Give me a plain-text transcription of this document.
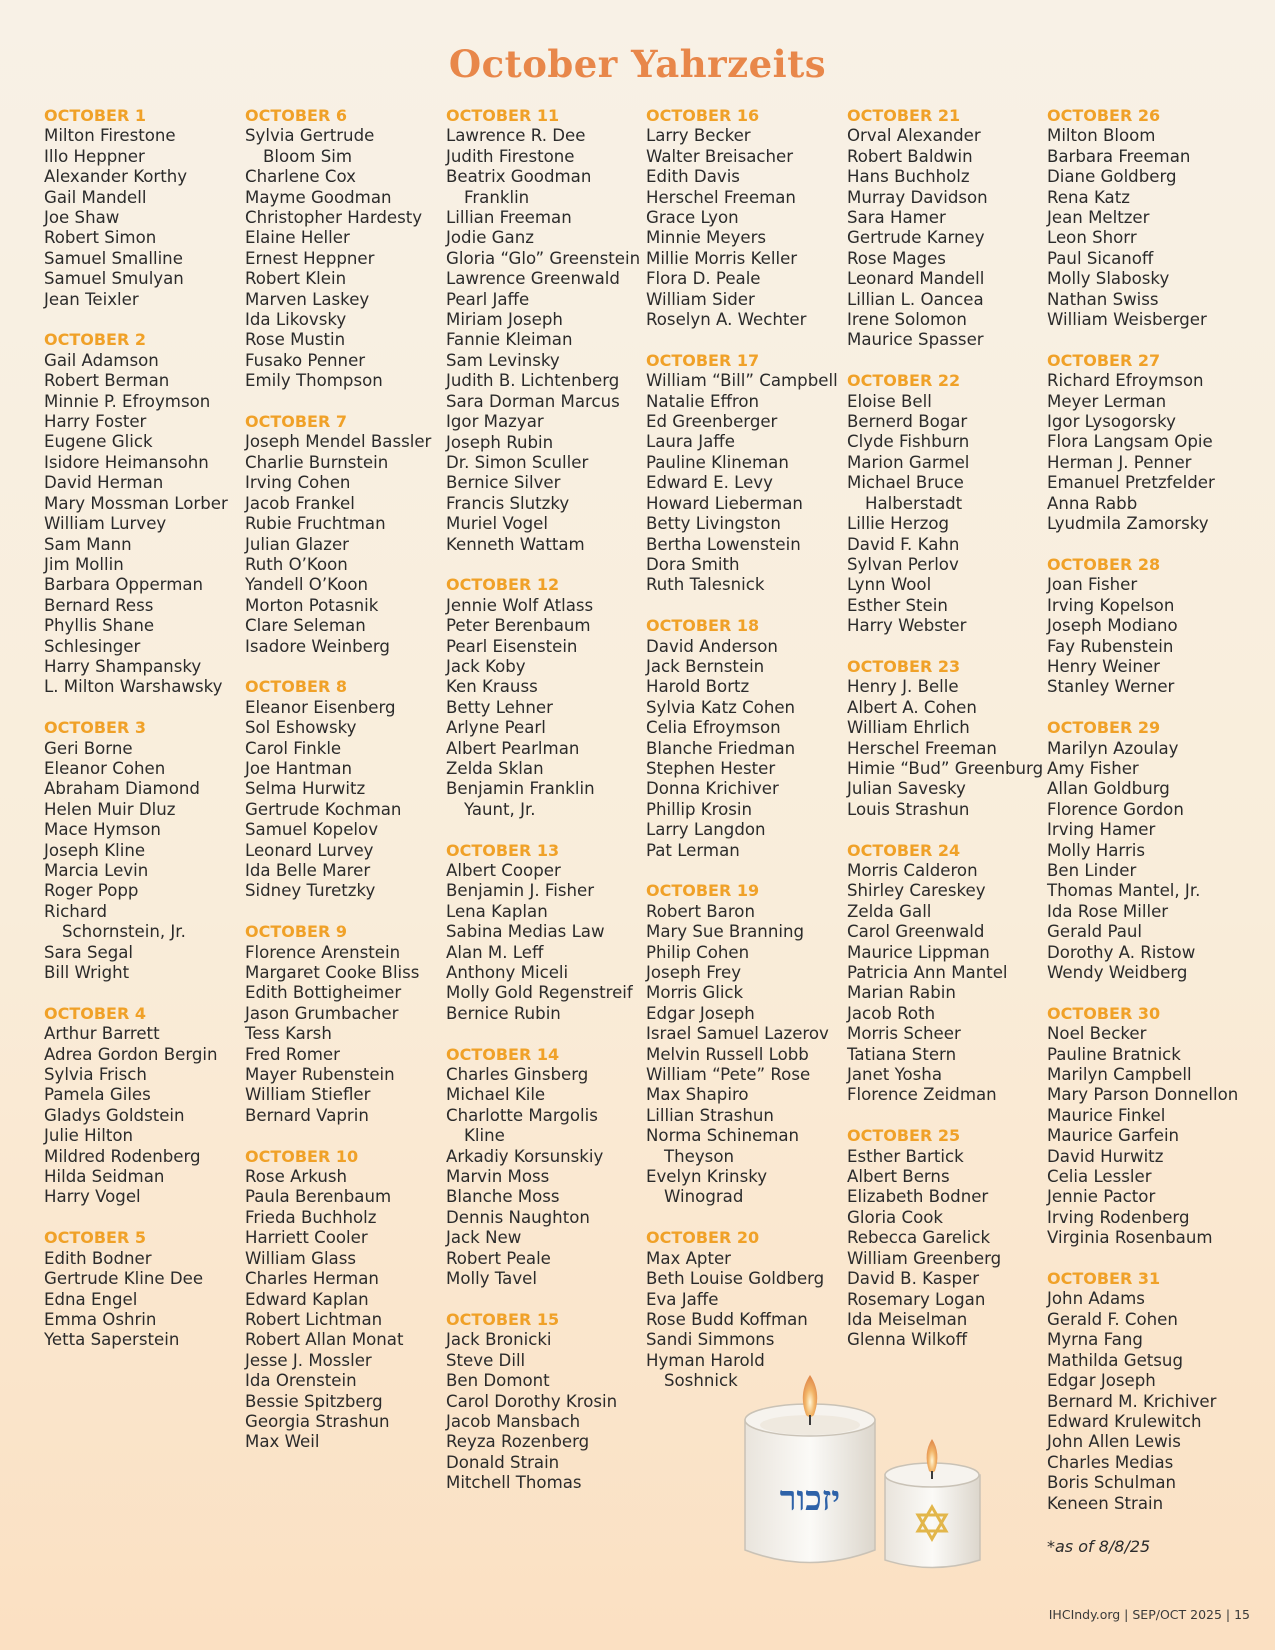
October Yahrzeits
OCTOBER 1
Milton Firestone
Illo Heppner
Alexander Korthy
Gail Mandell
Joe Shaw
Robert Simon
Samuel Smalline
Samuel Smulyan
Jean Teixler
OCTOBER 2
Gail Adamson
Robert Berman
Minnie P. Efroymson
Harry Foster
Eugene Glick
Isidore Heimansohn
David Herman
Mary Mossman Lorber
William Lurvey
Sam Mann
Jim Mollin
Barbara Opperman
Bernard Ress
Phyllis Shane
Schlesinger
Harry Shampansky
L. Milton Warshawsky
OCTOBER 3
Geri Borne
Eleanor Cohen
Abraham Diamond
Helen Muir Dluz
Mace Hymson
Joseph Kline
Marcia Levin
Roger Popp
Richard
Schornstein, Jr.
Sara Segal
Bill Wright
OCTOBER 4
Arthur Barrett
Adrea Gordon Bergin
Sylvia Frisch
Pamela Giles
Gladys Goldstein
Julie Hilton
Mildred Rodenberg
Hilda Seidman
Harry Vogel
OCTOBER 5
Edith Bodner
Gertrude Kline Dee
Edna Engel
Emma Oshrin
Yetta Saperstein
OCTOBER 6
Sylvia Gertrude
Bloom Sim
Charlene Cox
Mayme Goodman
Christopher Hardesty
Elaine Heller
Ernest Heppner
Robert Klein
Marven Laskey
Ida Likovsky
Rose Mustin
Fusako Penner
Emily Thompson
OCTOBER 7
Joseph Mendel Bassler
Charlie Burnstein
Irving Cohen
Jacob Frankel
Rubie Fruchtman
Julian Glazer
Ruth O’Koon
Yandell O’Koon
Morton Potasnik
Clare Seleman
Isadore Weinberg
OCTOBER 8
Eleanor Eisenberg
Sol Eshowsky
Carol Finkle
Joe Hantman
Selma Hurwitz
Gertrude Kochman
Samuel Kopelov
Leonard Lurvey
Ida Belle Marer
Sidney Turetzky
OCTOBER 9
Florence Arenstein
Margaret Cooke Bliss
Edith Bottigheimer
Jason Grumbacher
Tess Karsh
Fred Romer
Mayer Rubenstein
William Stiefler
Bernard Vaprin
OCTOBER 10
Rose Arkush
Paula Berenbaum
Frieda Buchholz
Harriett Cooler
William Glass
Charles Herman
Edward Kaplan
Robert Lichtman
Robert Allan Monat
Jesse J. Mossler
Ida Orenstein
Bessie Spitzberg
Georgia Strashun
Max Weil
OCTOBER 11
Lawrence R. Dee
Judith Firestone
Beatrix Goodman
Franklin
Lillian Freeman
Jodie Ganz
Gloria “Glo” Greenstein
Lawrence Greenwald
Pearl Jaffe
Miriam Joseph
Fannie Kleiman
Sam Levinsky
Judith B. Lichtenberg
Sara Dorman Marcus
Igor Mazyar
Joseph Rubin
Dr. Simon Sculler
Bernice Silver
Francis Slutzky
Muriel Vogel
Kenneth Wattam
OCTOBER 12
Jennie Wolf Atlass
Peter Berenbaum
Pearl Eisenstein
Jack Koby
Ken Krauss
Betty Lehner
Arlyne Pearl
Albert Pearlman
Zelda Sklan
Benjamin Franklin
Yaunt, Jr.
OCTOBER 13
Albert Cooper
Benjamin J. Fisher
Lena Kaplan
Sabina Medias Law
Alan M. Leff
Anthony Miceli
Molly Gold Regenstreif
Bernice Rubin
OCTOBER 14
Charles Ginsberg
Michael Kile
Charlotte Margolis
Kline
Arkadiy Korsunskiy
Marvin Moss
Blanche Moss
Dennis Naughton
Jack New
Robert Peale
Molly Tavel
OCTOBER 15
Jack Bronicki
Steve Dill
Ben Domont
Carol Dorothy Krosin
Jacob Mansbach
Reyza Rozenberg
Donald Strain
Mitchell Thomas
OCTOBER 16
Larry Becker
Walter Breisacher
Edith Davis
Herschel Freeman
Grace Lyon
Minnie Meyers
Millie Morris Keller
Flora D. Peale
William Sider
Roselyn A. Wechter
OCTOBER 17
William “Bill” Campbell
Natalie Effron
Ed Greenberger
Laura Jaffe
Pauline Klineman
Edward E. Levy
Howard Lieberman
Betty Livingston
Bertha Lowenstein
Dora Smith
Ruth Talesnick
OCTOBER 18
David Anderson
Jack Bernstein
Harold Bortz
Sylvia Katz Cohen
Celia Efroymson
Blanche Friedman
Stephen Hester
Donna Krichiver
Phillip Krosin
Larry Langdon
Pat Lerman
OCTOBER 19
Robert Baron
Mary Sue Branning
Philip Cohen
Joseph Frey
Morris Glick
Edgar Joseph
Israel Samuel Lazerov
Melvin Russell Lobb
William “Pete” Rose
Max Shapiro
Lillian Strashun
Norma Schineman
Theyson
Evelyn Krinsky
Winograd
OCTOBER 20
Max Apter
Beth Louise Goldberg
Eva Jaffe
Rose Budd Koffman
Sandi Simmons
Hyman Harold
Soshnick
OCTOBER 21
Orval Alexander
Robert Baldwin
Hans Buchholz
Murray Davidson
Sara Hamer
Gertrude Karney
Rose Mages
Leonard Mandell
Lillian L. Oancea
Irene Solomon
Maurice Spasser
OCTOBER 22
Eloise Bell
Bernerd Bogar
Clyde Fishburn
Marion Garmel
Michael Bruce
Halberstadt
Lillie Herzog
David F. Kahn
Sylvan Perlov
Lynn Wool
Esther Stein
Harry Webster
OCTOBER 23
Henry J. Belle
Albert A. Cohen
William Ehrlich
Herschel Freeman
Himie “Bud” Greenburg
Julian Savesky
Louis Strashun
OCTOBER 24
Morris Calderon
Shirley Careskey
Zelda Gall
Carol Greenwald
Maurice Lippman
Patricia Ann Mantel
Marian Rabin
Jacob Roth
Morris Scheer
Tatiana Stern
Janet Yosha
Florence Zeidman
OCTOBER 25
Esther Bartick
Albert Berns
Elizabeth Bodner
Gloria Cook
Rebecca Garelick
William Greenberg
David B. Kasper
Rosemary Logan
Ida Meiselman
Glenna Wilkoff
OCTOBER 26
Milton Bloom
Barbara Freeman
Diane Goldberg
Rena Katz
Jean Meltzer
Leon Shorr
Paul Sicanoff
Molly Slabosky
Nathan Swiss
William Weisberger
OCTOBER 27
Richard Efroymson
Meyer Lerman
Igor Lysogorsky
Flora Langsam Opie
Herman J. Penner
Emanuel Pretzfelder
Anna Rabb
Lyudmila Zamorsky
OCTOBER 28
Joan Fisher
Irving Kopelson
Joseph Modiano
Fay Rubenstein
Henry Weiner
Stanley Werner
OCTOBER 29
Marilyn Azoulay
Amy Fisher
Allan Goldburg
Florence Gordon
Irving Hamer
Molly Harris
Ben Linder
Thomas Mantel, Jr.
Ida Rose Miller
Gerald Paul
Dorothy A. Ristow
Wendy Weidberg
OCTOBER 30
Noel Becker
Pauline Bratnick
Marilyn Campbell
Mary Parson Donnellon
Maurice Finkel
Maurice Garfein
David Hurwitz
Celia Lessler
Jennie Pactor
Irving Rodenberg
Virginia Rosenbaum
OCTOBER 31
John Adams
Gerald F. Cohen
Myrna Fang
Mathilda Getsug
Edgar Joseph
Bernard M. Krichiver
Edward Krulewitch
John Allen Lewis
Charles Medias
Boris Schulman
Keneen Strain
יזכור
*as of 8/8/25
IHCIndy.org | SEP/OCT 2025 | 15
